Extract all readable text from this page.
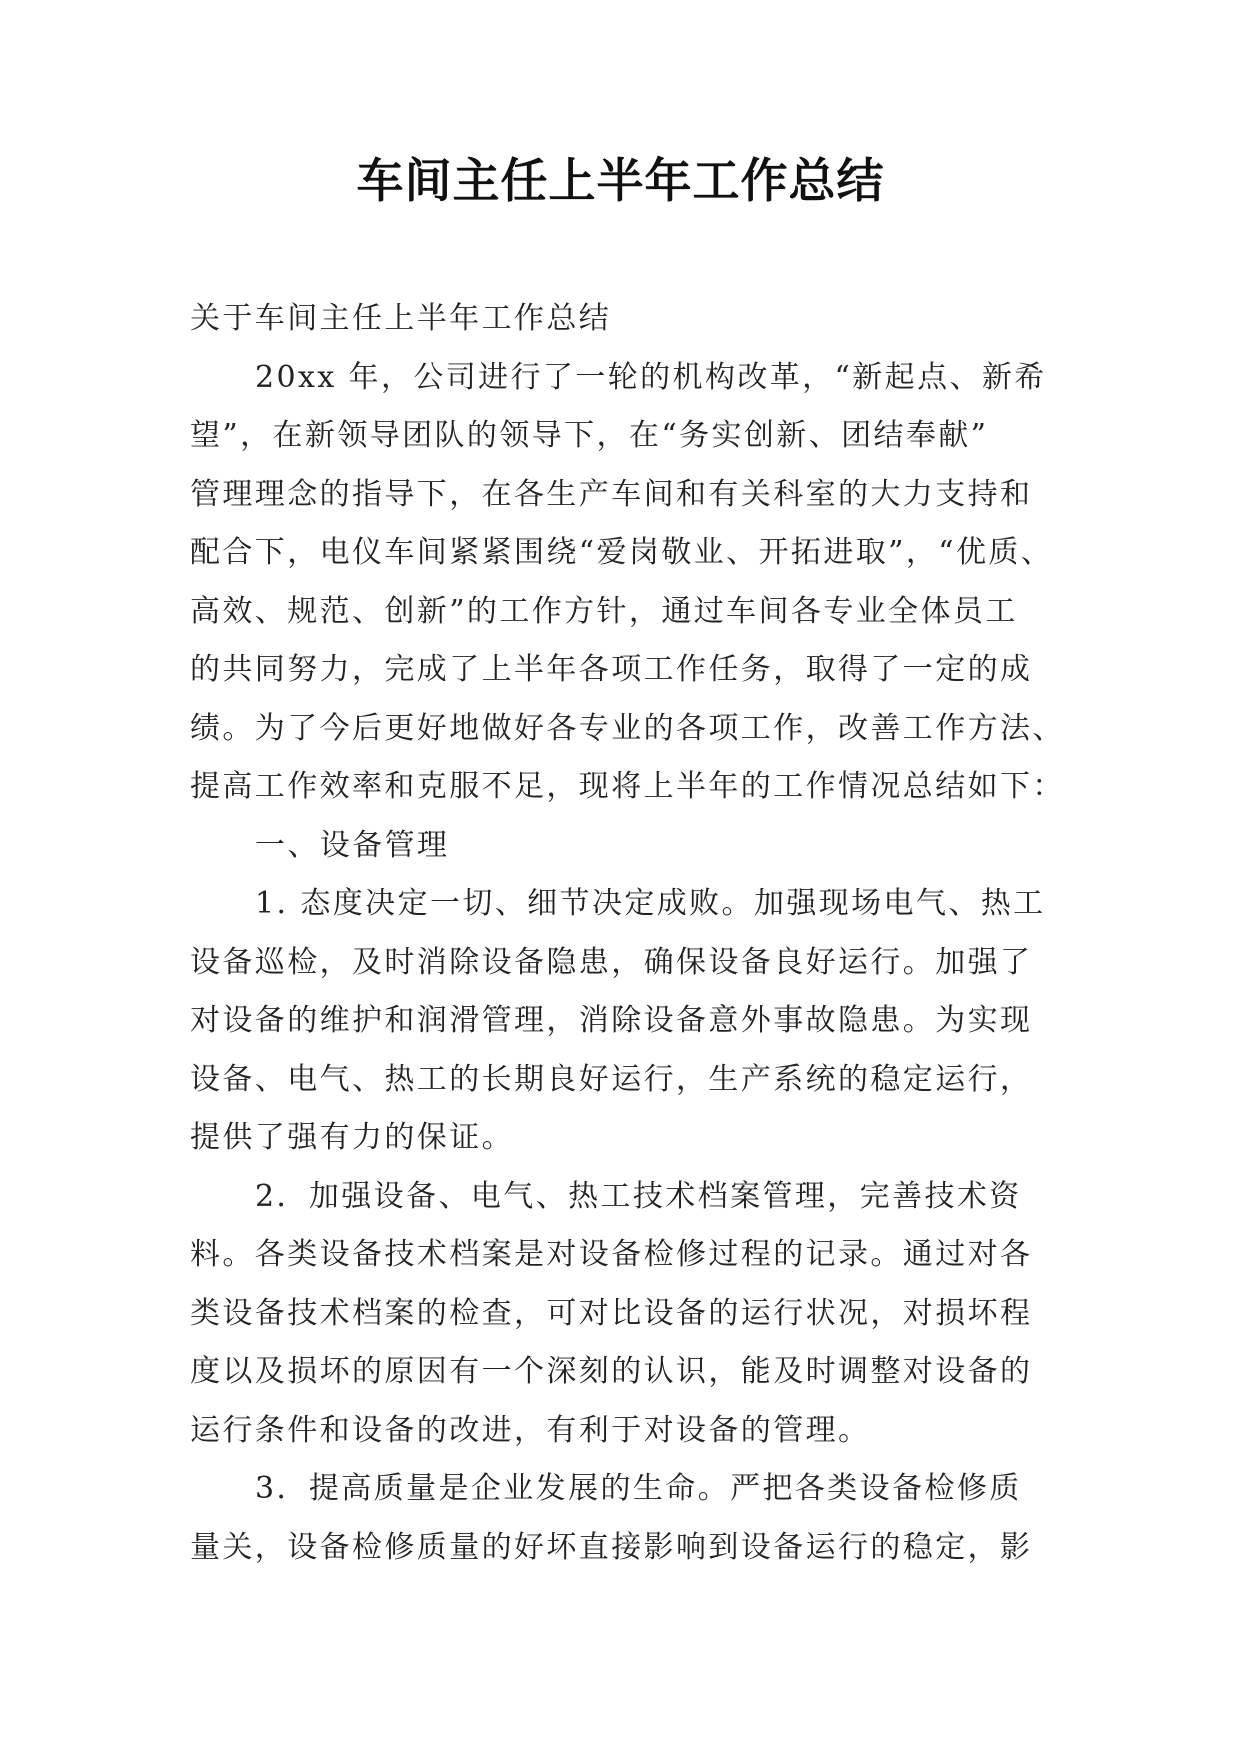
车间主任上半年工作总结
关于车间主任上半年工作总结
20xx 年，公司进行了一轮的机构改革，“新起点、新希
望”，在新领导团队的领导下，在“务实创新、团结奉献”
管理理念的指导下，在各生产车间和有关科室的大力支持和
配合下，电仪车间紧紧围绕“爱岗敬业、开拓进取”，“优质、
高效、规范、创新”的工作方针，通过车间各专业全体员工
的共同努力，完成了上半年各项工作任务，取得了一定的成
绩。为了今后更好地做好各专业的各项工作，改善工作方法、
提高工作效率和克服不足，现将上半年的工作情况总结如下：
一、设备管理
1. 态度决定一切、细节决定成败。加强现场电气、热工
设备巡检，及时消除设备隐患，确保设备良好运行。加强了
对设备的维护和润滑管理，消除设备意外事故隐患。为实现
设备、电气、热工的长期良好运行，生产系统的稳定运行，
提供了强有力的保证。
2．加强设备、电气、热工技术档案管理，完善技术资
料。各类设备技术档案是对设备检修过程的记录。通过对各
类设备技术档案的检查，可对比设备的运行状况，对损坏程
度以及损坏的原因有一个深刻的认识，能及时调整对设备的
运行条件和设备的改进，有利于对设备的管理。
3．提高质量是企业发展的生命。严把各类设备检修质
量关，设备检修质量的好坏直接影响到设备运行的稳定，影
